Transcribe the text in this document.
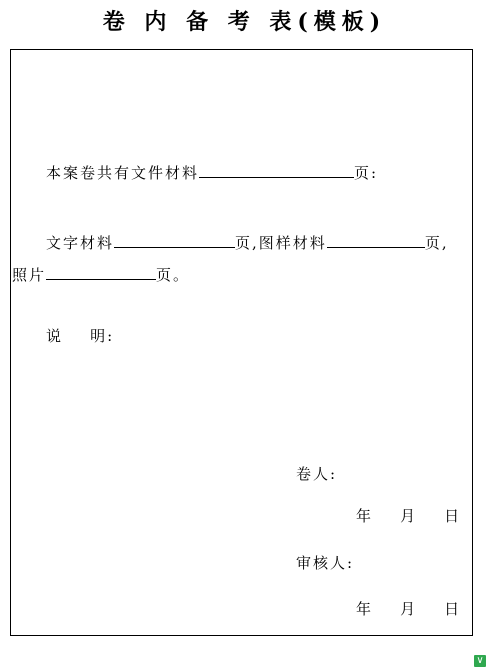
卷 内 备 考 表(模板)
本案卷共有文件材料	页:
文字材料	页,图样材料	页,
照片	页。
说    明:
卷人:
年    月    日
审核人:
年    月    日
∨
